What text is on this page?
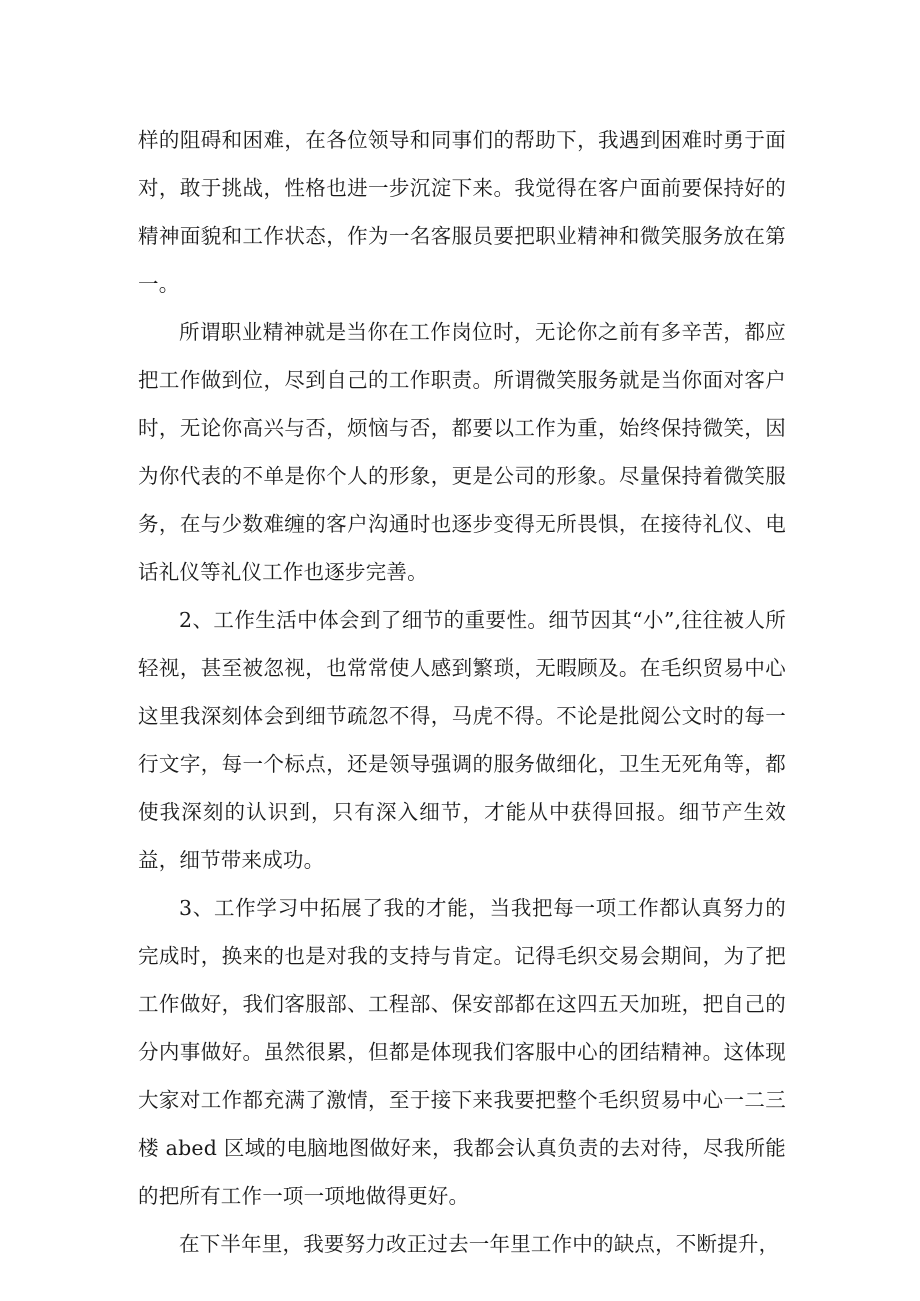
样的阻碍和困难，在各位领导和同事们的帮助下，我遇到困难时勇于面对，敢于挑战，性格也进一步沉淀下来。我觉得在客户面前要保持好的精神面貌和工作状态，作为一名客服员要把职业精神和微笑服务放在第一。

所谓职业精神就是当你在工作岗位时，无论你之前有多辛苦，都应把工作做到位，尽到自己的工作职责。所谓微笑服务就是当你面对客户时，无论你高兴与否，烦恼与否，都要以工作为重，始终保持微笑，因为你代表的不单是你个人的形象，更是公司的形象。尽量保持着微笑服务，在与少数难缠的客户沟通时也逐步变得无所畏惧，在接待礼仪、电话礼仪等礼仪工作也逐步完善。

2、工作生活中体会到了细节的重要性。细节因其“小”,往往被人所轻视，甚至被忽视，也常常使人感到繁琐，无暇顾及。在毛织贸易中心这里我深刻体会到细节疏忽不得，马虎不得。不论是批阅公文时的每一行文字，每一个标点，还是领导强调的服务做细化，卫生无死角等，都使我深刻的认识到，只有深入细节，才能从中获得回报。细节产生效益，细节带来成功。

3、工作学习中拓展了我的才能，当我把每一项工作都认真努力的完成时，换来的也是对我的支持与肯定。记得毛织交易会期间，为了把工作做好，我们客服部、工程部、保安部都在这四五天加班，把自己的分内事做好。虽然很累，但都是体现我们客服中心的团结精神。这体现大家对工作都充满了激情，至于接下来我要把整个毛织贸易中心一二三楼 abed 区域的电脑地图做好来，我都会认真负责的去对待，尽我所能的把所有工作一项一项地做得更好。

在下半年里，我要努力改正过去一年里工作中的缺点，不断提升，
